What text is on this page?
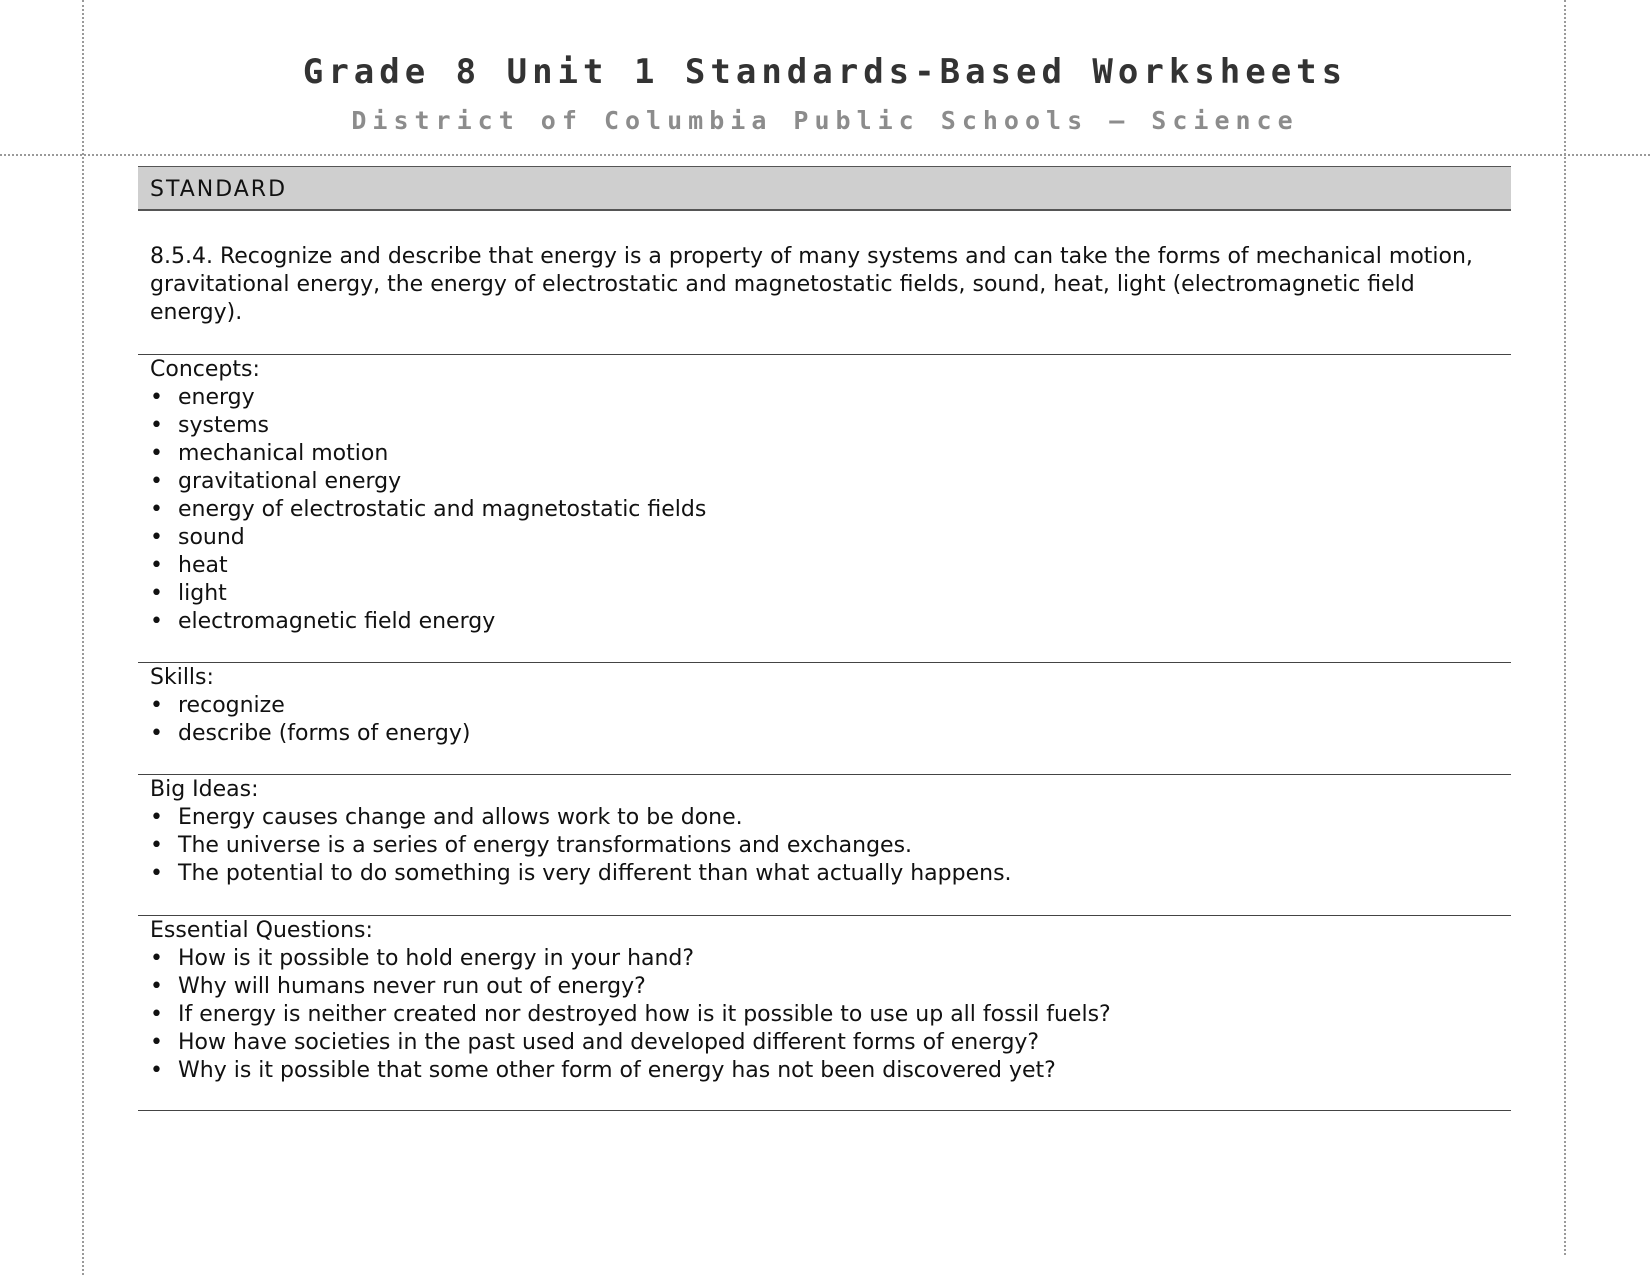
Grade 8 Unit 1 Standards-Based Worksheets
District of Columbia Public Schools — Science
STANDARD

8.5.4. Recognize and describe that energy is a property of many systems and can take the forms of mechanical motion, gravitational energy, the energy of electrostatic and magnetostatic fields, sound, heat, light (electromagnetic field energy).

Concepts:

• energy
• systems
• mechanical motion
• gravitational energy
• energy of electrostatic and magnetostatic fields
• sound
• heat
• light
• electromagnetic field energy

Skills:

• recognize
• describe (forms of energy)

Big Ideas:

• Energy causes change and allows work to be done.
• The universe is a series of energy transformations and exchanges.
• The potential to do something is very different than what actually happens.

Essential Questions:

• How is it possible to hold energy in your hand?
• Why will humans never run out of energy?
• If energy is neither created nor destroyed how is it possible to use up all fossil fuels?
• How have societies in the past used and developed different forms of energy?
• Why is it possible that some other form of energy has not been discovered yet?
